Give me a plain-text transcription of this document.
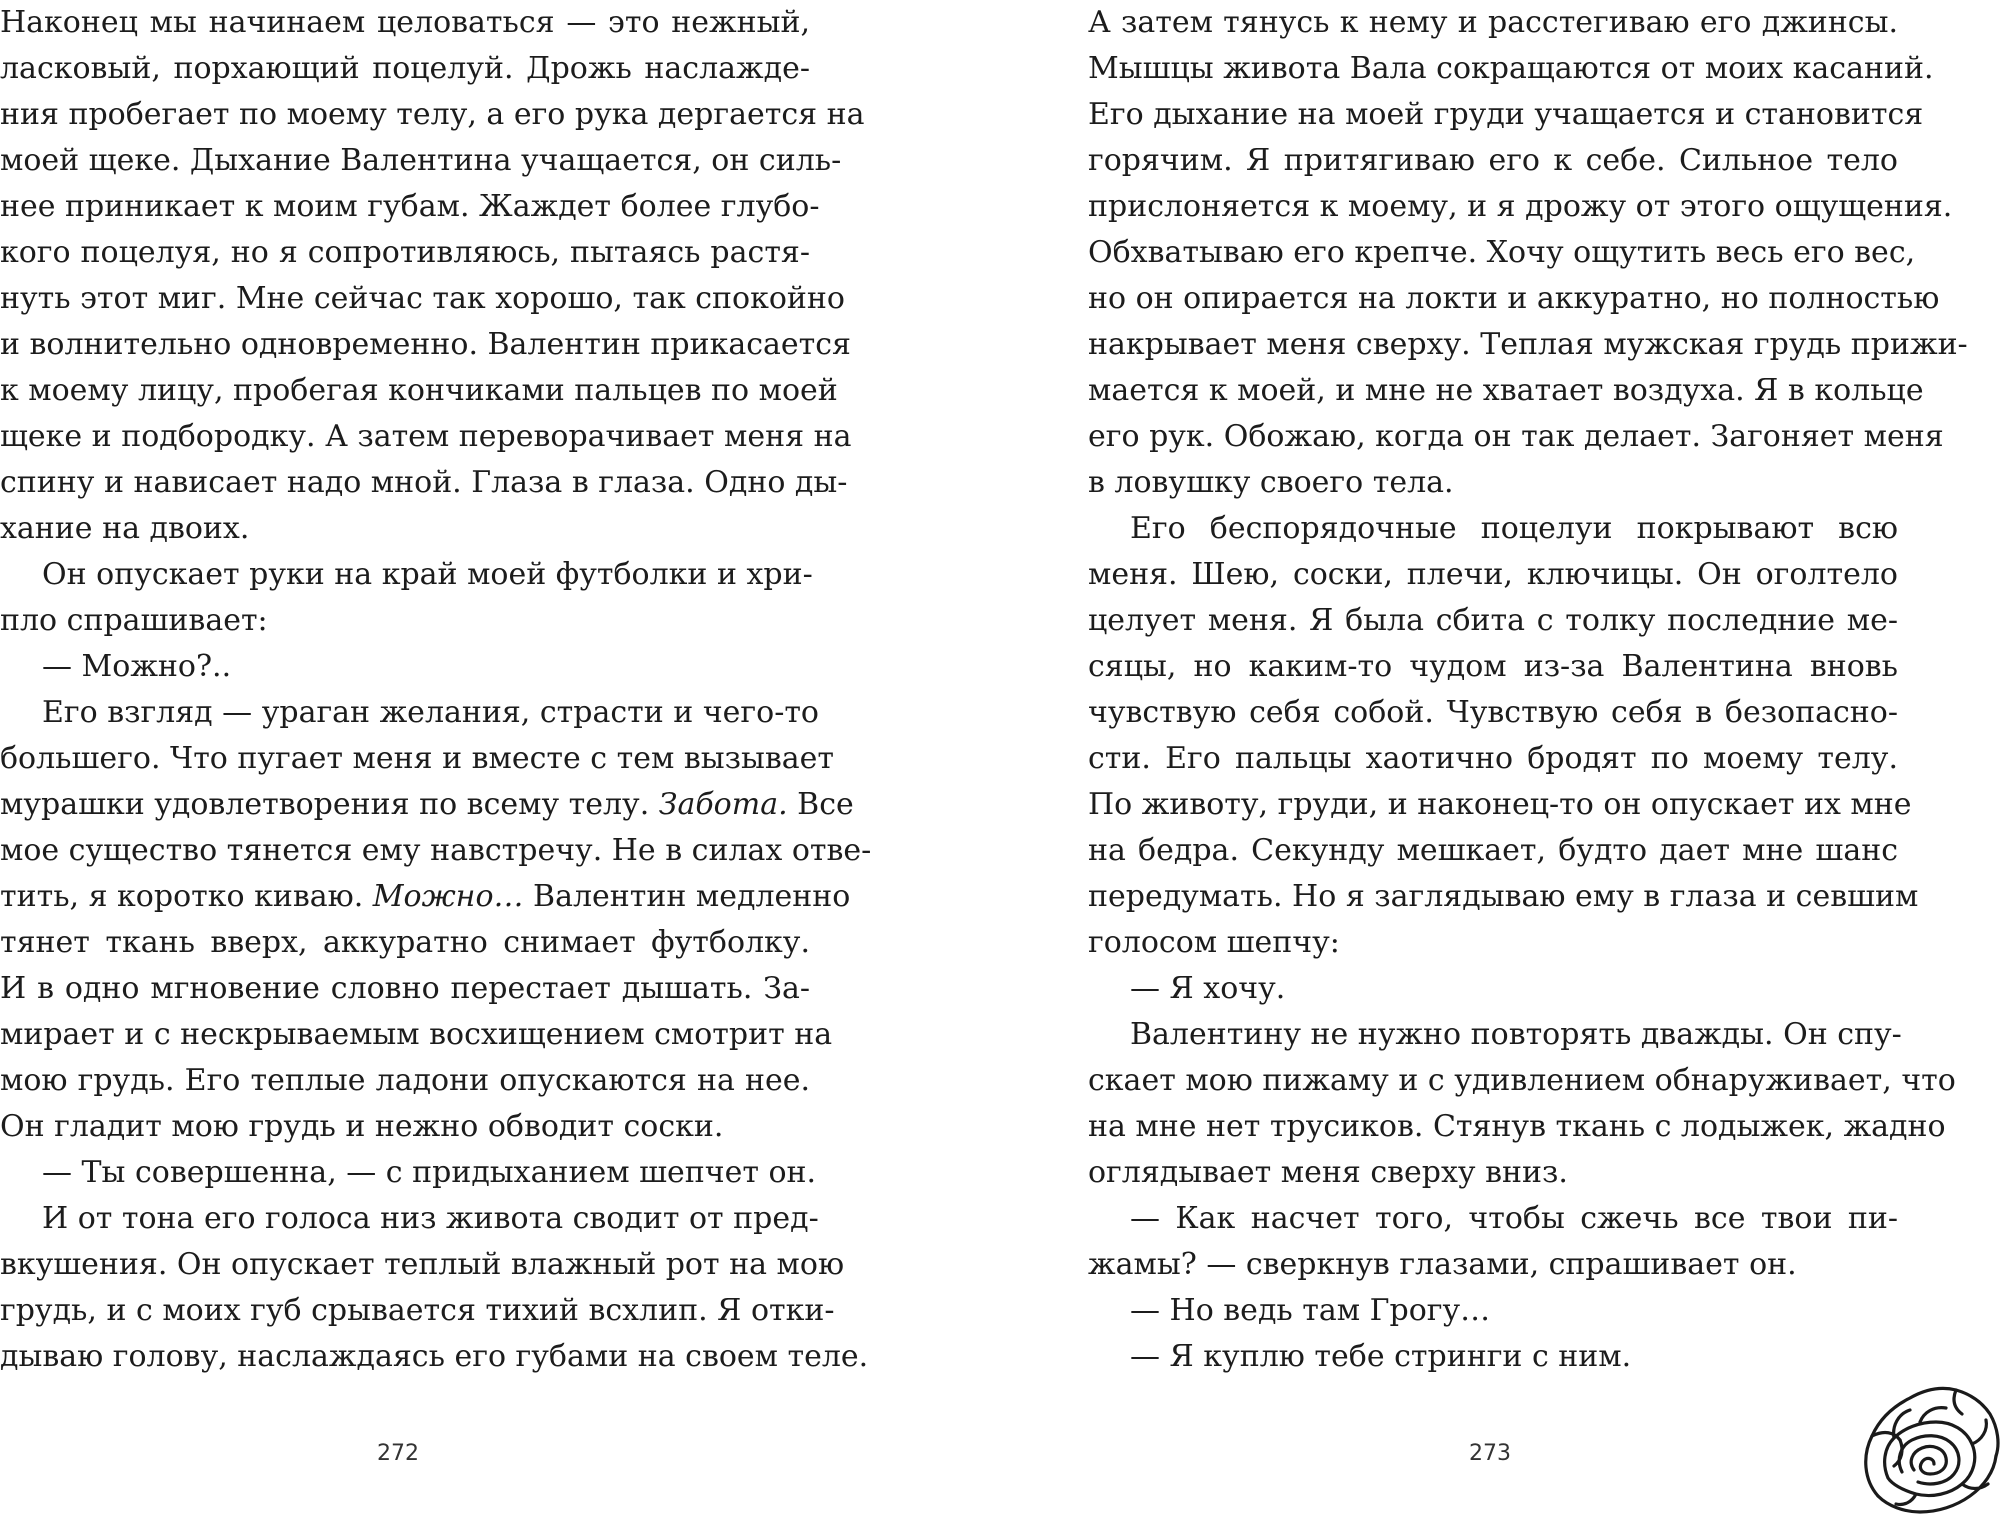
Наконец мы начинаем целоваться — это нежный,
ласковый, порхающий поцелуй. Дрожь наслажде-
ния пробегает по моему телу, а его рука дергается на
моей щеке. Дыхание Валентина учащается, он силь-
нее приникает к моим губам. Жаждет более глубо-
кого поцелуя, но я сопротивляюсь, пытаясь растя-
нуть этот миг. Мне сейчас так хорошо, так спокойно
и волнительно одновременно. Валентин прикасается
к моему лицу, пробегая кончиками пальцев по моей
щеке и подбородку. А затем переворачивает меня на
спину и нависает надо мной. Глаза в глаза. Одно ды-
хание на двоих.
Он опускает руки на край моей футболки и хри-
пло спрашивает:
— Можно?..
Его взгляд — ураган желания, страсти и чего-то
большего. Что пугает меня и вместе с тем вызывает
мурашки удовлетворения по всему телу. Забота. Все
мое существо тянется ему навстречу. Не в силах отве-
тить, я коротко киваю. Можно… Валентин медленно
тянет ткань вверх, аккуратно снимает футболку.
И в одно мгновение словно перестает дышать. За-
мирает и с нескрываемым восхищением смотрит на
мою грудь. Его теплые ладони опускаются на нее.
Он гладит мою грудь и нежно обводит соски.
— Ты совершенна, — с придыханием шепчет он.
И от тона его голоса низ живота сводит от пред-
вкушения. Он опускает теплый влажный рот на мою
грудь, и с моих губ срывается тихий всхлип. Я отки-
дываю голову, наслаждаясь его губами на своем теле.
А затем тянусь к нему и расстегиваю его джинсы.
Мышцы живота Вала сокращаются от моих касаний.
Его дыхание на моей груди учащается и становится
горячим. Я притягиваю его к себе. Сильное тело
прислоняется к моему, и я дрожу от этого ощущения.
Обхватываю его крепче. Хочу ощутить весь его вес,
но он опирается на локти и аккуратно, но полностью
накрывает меня сверху. Теплая мужская грудь прижи-
мается к моей, и мне не хватает воздуха. Я в кольце
его рук. Обожаю, когда он так делает. Загоняет меня
в ловушку своего тела.
Его беспорядочные поцелуи покрывают всю
меня. Шею, соски, плечи, ключицы. Он оголтело
целует меня. Я была сбита с толку последние ме-
сяцы, но каким-то чудом из-за Валентина вновь
чувствую себя собой. Чувствую себя в безопасно-
сти. Его пальцы хаотично бродят по моему телу.
По животу, груди, и наконец-то он опускает их мне
на бедра. Секунду мешкает, будто дает мне шанс
передумать. Но я заглядываю ему в глаза и севшим
голосом шепчу:
— Я хочу.
Валентину не нужно повторять дважды. Он спу-
скает мою пижаму и с удивлением обнаруживает, что
на мне нет трусиков. Стянув ткань с лодыжек, жадно
оглядывает меня сверху вниз.
— Как насчет того, чтобы сжечь все твои пи-
жамы? — сверкнув глазами, спрашивает он.
— Но ведь там Грогу…
— Я куплю тебе стринги с ним.
272	273
